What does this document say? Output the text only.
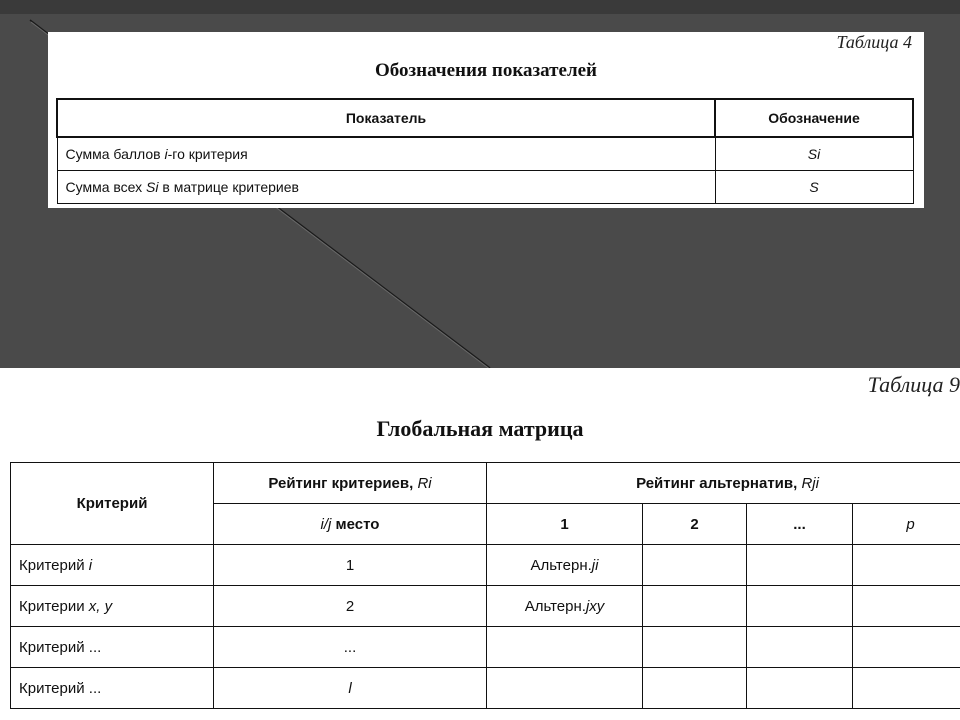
Таблица 4
Обозначения показателей
Показатель	Обозначение
Сумма баллов i-го критерия	Si
Сумма всех Si в матрице критериев	S
Таблица 9
Глобальная матрица
Критерий	Рейтинг критериев, Ri	Рейтинг альтернатив, Rji			
	i/j место	1	2	...	p
Критерий i	1	Альтерн.ji			
Критерии x, y	2	Альтерн.jxy			
Критерий ...	...				
Критерий ...	l				
